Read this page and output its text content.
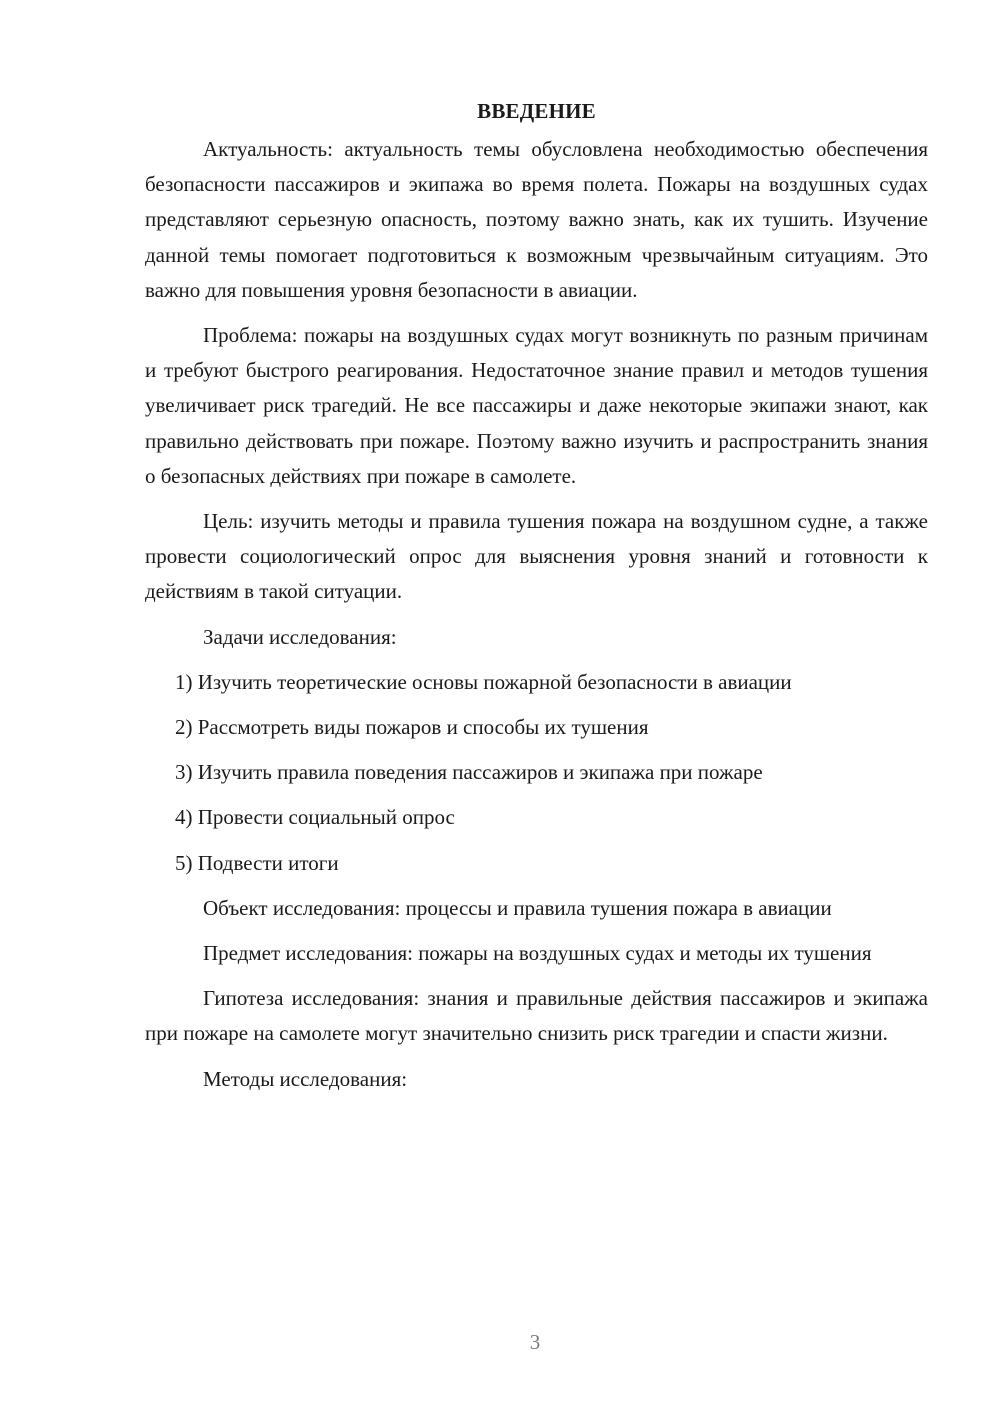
ВВЕДЕНИЕ

Актуальность: актуальность темы обусловлена необходимостью обеспечения безопасности пассажиров и экипажа во время полета. Пожары на воздушных судах представляют серьезную опасность, поэтому важно знать, как их тушить. Изучение данной темы помогает подготовиться к возможным чрезвычайным ситуациям. Это важно для повышения уровня безопасности в авиации.

Проблема: пожары на воздушных судах могут возникнуть по разным причинам и требуют быстрого реагирования. Недостаточное знание правил и методов тушения увеличивает риск трагедий. Не все пассажиры и даже некоторые экипажи знают, как правильно действовать при пожаре. Поэтому важно изучить и распространить знания о безопасных действиях при пожаре в самолете.

Цель: изучить методы и правила тушения пожара на воздушном судне, а также провести социологический опрос для выяснения уровня знаний и готовности к действиям в такой ситуации.

Задачи исследования:

1) Изучить теоретические основы пожарной безопасности в авиации
2) Рассмотреть виды пожаров и способы их тушения
3) Изучить правила поведения пассажиров и экипажа при пожаре
4) Провести социальный опрос
5) Подвести итоги

Объект исследования: процессы и правила тушения пожара в авиации

Предмет исследования: пожары на воздушных судах и методы их тушения

Гипотеза исследования: знания и правильные действия пассажиров и экипажа при пожаре на самолете могут значительно снизить риск трагедии и спасти жизни.

Методы исследования:

3
